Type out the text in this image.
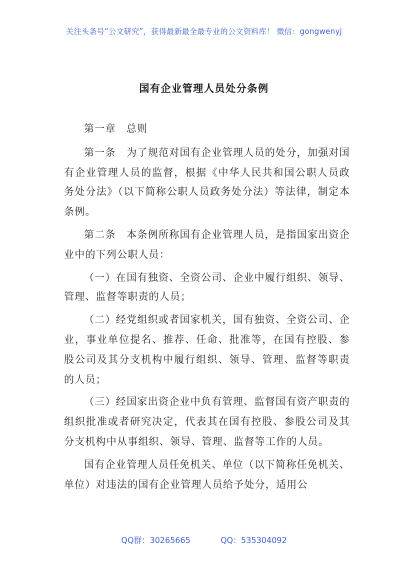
关注头条号“公文研究”，获得最新最全最专业的公文资料库！ 微信：gongwenyj
国有企业管理人员处分条例

第一章　总则

第一条　为了规范对国有企业管理人员的处分，加强对国有企业管理人员的监督，根据《中华人民共和国公职人员政务处分法》（以下简称公职人员政务处分法）等法律，制定本条例。

第二条　本条例所称国有企业管理人员，是指国家出资企业中的下列公职人员：

（一）在国有独资、全资公司、企业中履行组织、领导、管理、监督等职责的人员；

（二）经党组织或者国家机关，国有独资、全资公司、企业，事业单位提名、推荐、任命、批准等，在国有控股、参股公司及其分支机构中履行组织、领导、管理、监督等职责的人员；

（三）经国家出资企业中负有管理、监督国有资产职责的组织批准或者研究决定，代表其在国有控股、参股公司及其分支机构中从事组织、领导、管理、监督等工作的人员。

国有企业管理人员任免机关、单位（以下简称任免机关、单位）对违法的国有企业管理人员给予处分，适用公

QQ群：30265665	QQ：535304092
